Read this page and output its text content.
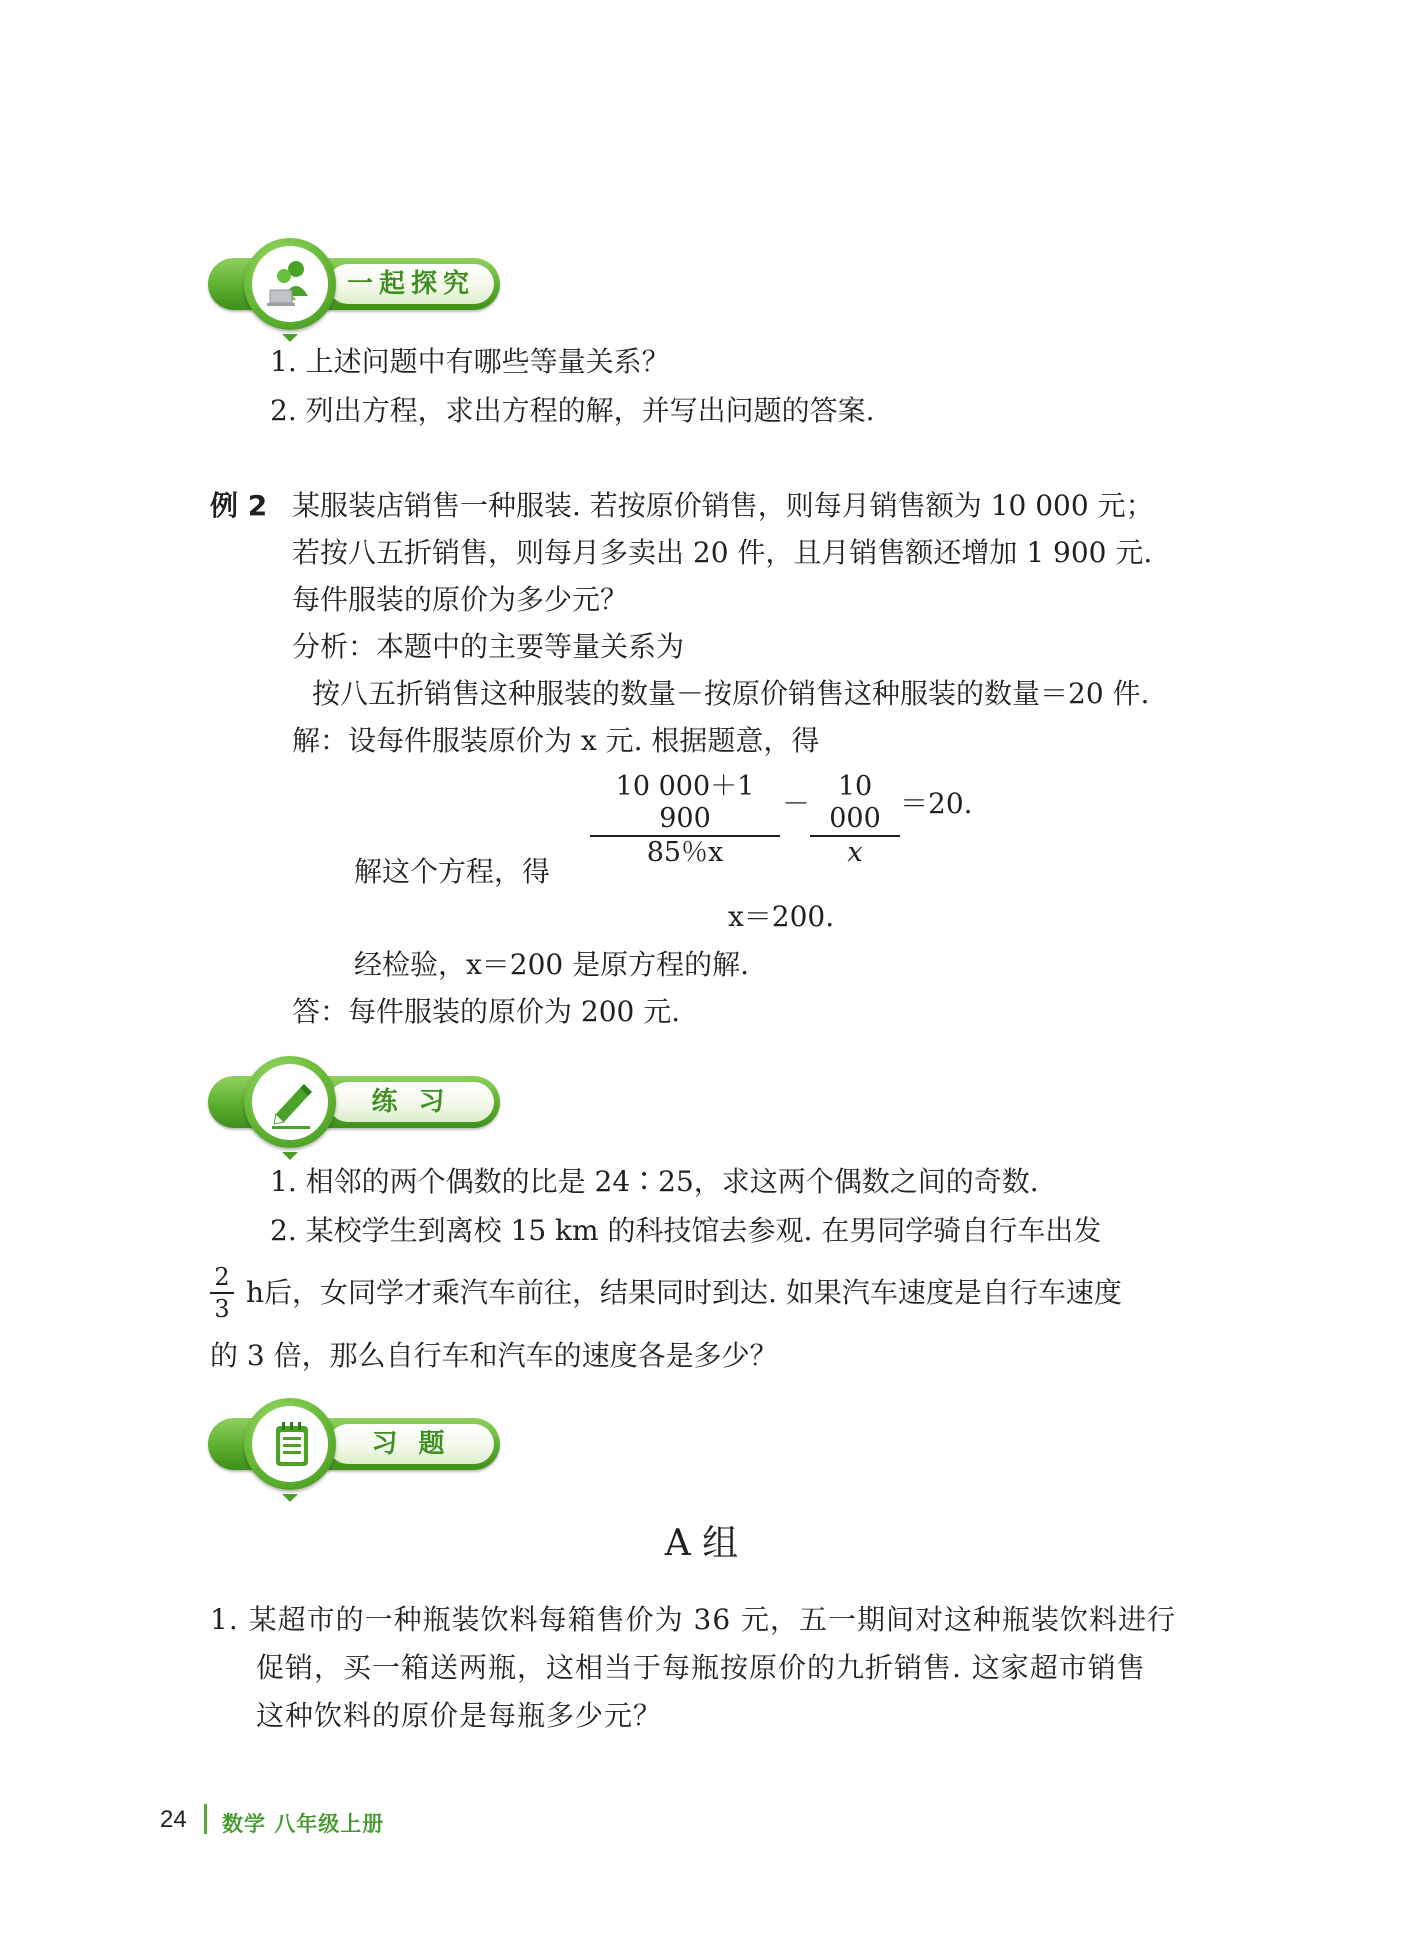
一起探究
1. 上述问题中有哪些等量关系？
2. 列出方程，求出方程的解，并写出问题的答案.
例 2 某服装店销售一种服装. 若按原价销售，则每月销售额为 10 000 元；
若按八五折销售，则每月多卖出 20 件，且月销售额还增加 1 900 元.
每件服装的原价为多少元？
分析：本题中的主要等量关系为
按八五折销售这种服装的数量－按原价销售这种服装的数量＝20 件.
解：设每件服装原价为 x 元. 根据题意，得
$\frac{10 000+1 900}{85\%x} - \frac{10 000}{x} =20$.
解这个方程，得
x＝200.
经检验，x＝200 是原方程的解.
答：每件服装的原价为 200 元.
练 习
1. 相邻的两个偶数的比是 24∶25，求这两个偶数之间的奇数.
2. 某校学生到离校 15 km 的科技馆去参观. 在男同学骑自行车出发
$\frac{2}{3}$ h后，女同学才乘汽车前往，结果同时到达. 如果汽车速度是自行车速度
的 3 倍，那么自行车和汽车的速度各是多少？
习 题
A 组
1. 某超市的一种瓶装饮料每箱售价为 36 元，五一期间对这种瓶装饮料进行
促销，买一箱送两瓶，这相当于每瓶按原价的九折销售. 这家超市销售
这种饮料的原价是每瓶多少元？
24 数学 八年级上册
